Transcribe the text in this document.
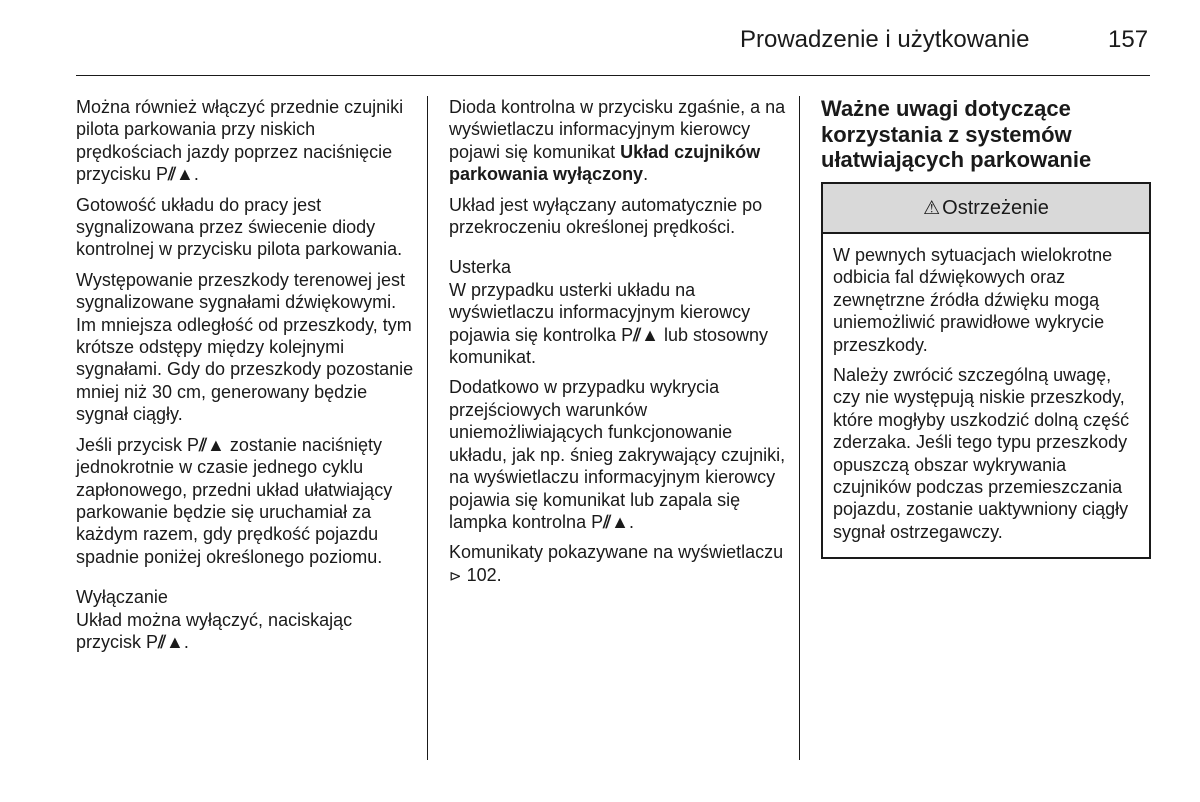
Prowadzenie i użytkowanie	157

Można również włączyć przednie czujniki pilota parkowania przy niskich prędkościach jazdy poprzez naciśnięcie przycisku P⫽▲.

Gotowość układu do pracy jest sygnalizowana przez świecenie diody kontrolnej w przycisku pilota parkowania.

Występowanie przeszkody terenowej jest sygnalizowane sygnałami dźwiękowymi. Im mniejsza odległość od przeszkody, tym krótsze odstępy między kolejnymi sygnałami. Gdy do przeszkody pozostanie mniej niż 30 cm, generowany będzie sygnał ciągły.

Jeśli przycisk P⫽▲ zostanie naciśnięty jednokrotnie w czasie jednego cyklu zapłonowego, przedni układ ułatwiający parkowanie będzie się uruchamiał za każdym razem, gdy prędkość pojazdu spadnie poniżej określonego poziomu.

Wyłączanie

Układ można wyłączyć, naciskając przycisk P⫽▲.

Dioda kontrolna w przycisku zgaśnie, a na wyświetlaczu informacyjnym kierowcy pojawi się komunikat Układ czujników parkowania wyłączony.

Układ jest wyłączany automatycznie po przekroczeniu określonej prędkości.

Usterka

W przypadku usterki układu na wyświetlaczu informacyjnym kierowcy pojawia się kontrolka P⫽▲ lub stosowny komunikat.

Dodatkowo w przypadku wykrycia przejściowych warunków uniemożliwiających funkcjonowanie układu, jak np. śnieg zakrywający czujniki, na wyświetlaczu informacyjnym kierowcy pojawia się komunikat lub zapala się lampka kontrolna P⫽▲.

Komunikaty pokazywane na wyświetlaczu ⊳ 102.

Ważne uwagi dotyczące korzystania z systemów ułatwiających parkowanie
⚠ Ostrzeżenie

W pewnych sytuacjach wielokrotne odbicia fal dźwiękowych oraz zewnętrzne źródła dźwięku mogą uniemożliwić prawidłowe wykrycie przeszkody.

Należy zwrócić szczególną uwagę, czy nie występują niskie przeszkody, które mogłyby uszkodzić dolną część zderzaka. Jeśli tego typu przeszkody opuszczą obszar wykrywania czujników podczas przemieszczania pojazdu, zostanie uaktywniony ciągły sygnał ostrzegawczy.
